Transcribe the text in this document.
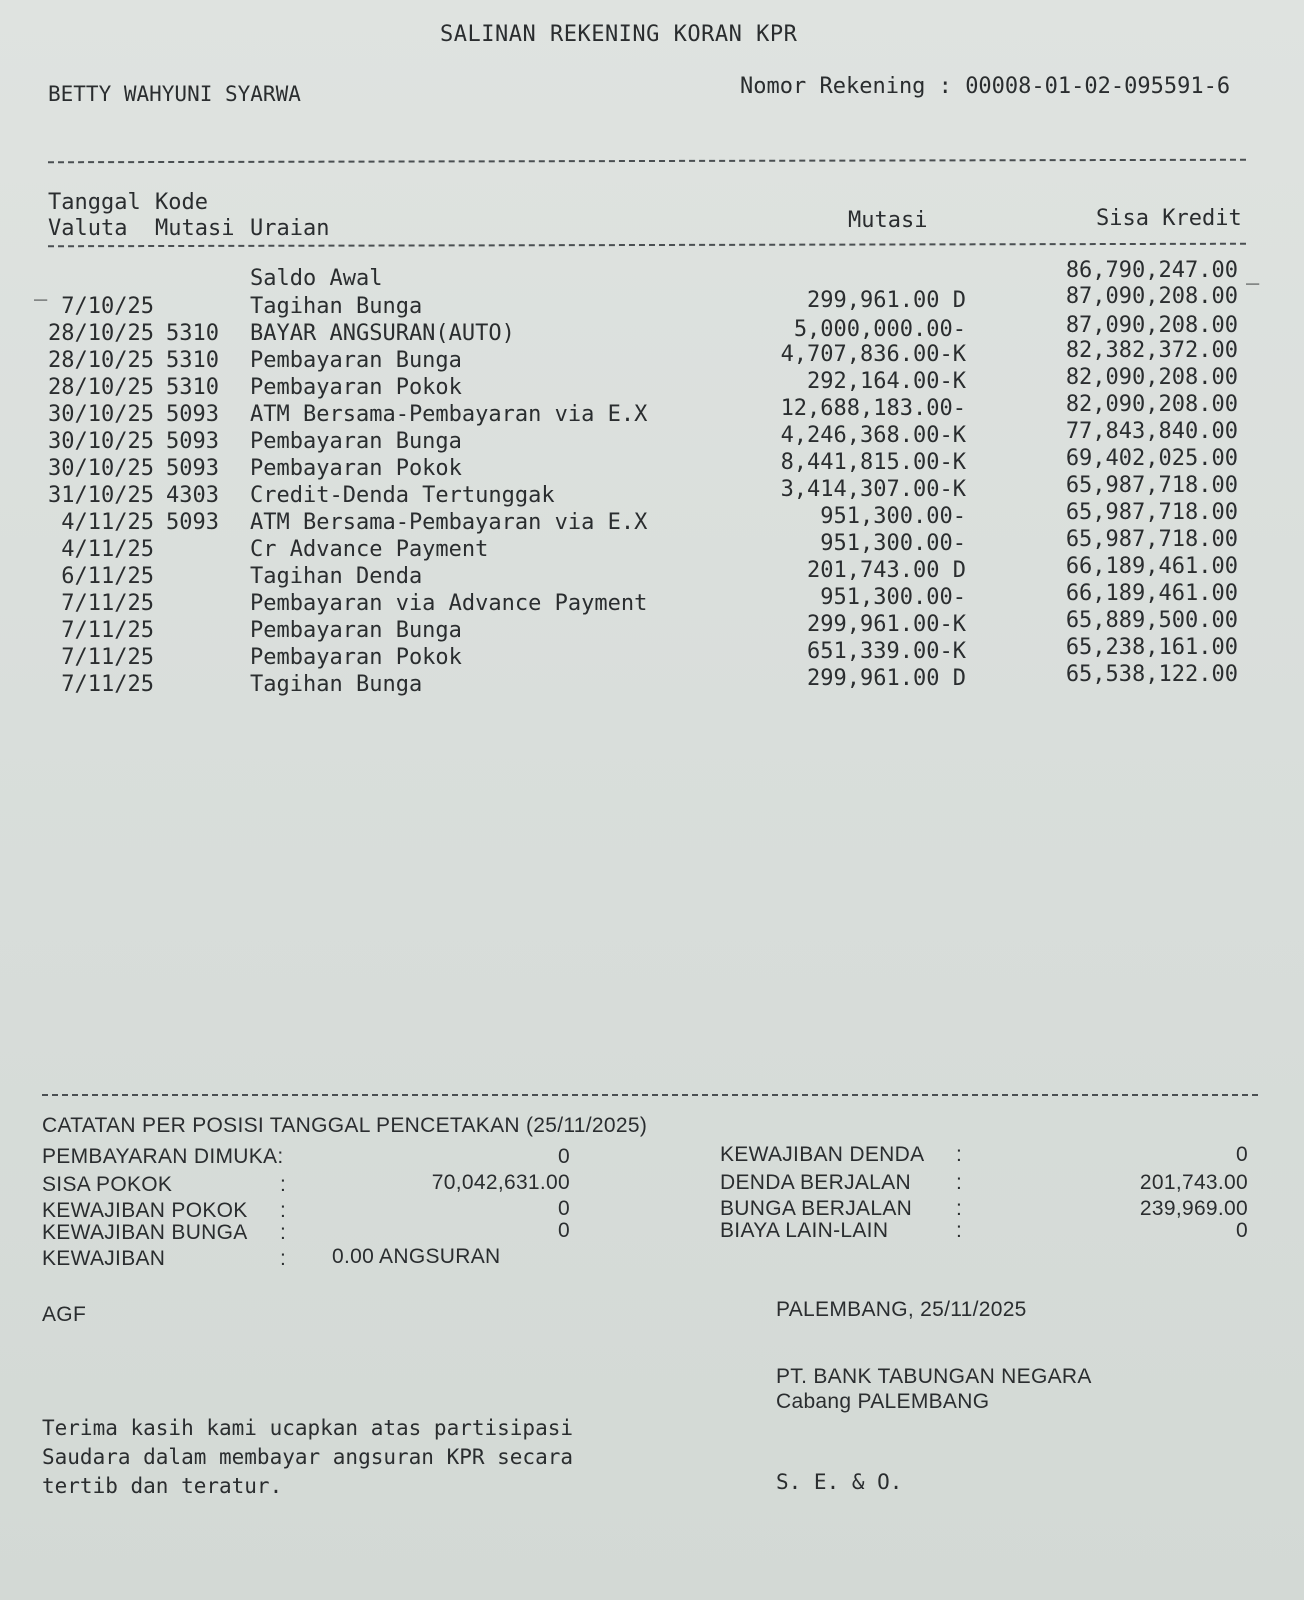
SALINAN REKENING KORAN KPR
BETTY WAHYUNI SYARWA	Nomor Rekening : 00008-01-02-095591-6
Tanggal Kode
Valuta Mutasi Uraian	Mutasi	Sisa Kredit
Saldo Awal	86,790,247.00
_
_
7/10/25	Tagihan Bunga	299,961.00 D	87,090,208.00
28/10/25 5310 BAYAR ANGSURAN(AUTO)	5,000,000.00-	87,090,208.00
28/10/25 5310 Pembayaran Bunga	4,707,836.00-K	82,382,372.00
28/10/25 5310 Pembayaran Pokok	292,164.00-K	82,090,208.00
30/10/25 5093 ATM Bersama-Pembayaran via E.X	12,688,183.00-	82,090,208.00
30/10/25 5093 Pembayaran Bunga	4,246,368.00-K	77,843,840.00
30/10/25 5093 Pembayaran Pokok	8,441,815.00-K	69,402,025.00
31/10/25 4303 Credit-Denda Tertunggak	3,414,307.00-K	65,987,718.00
4/11/25 5093 ATM Bersama-Pembayaran via E.X	951,300.00-	65,987,718.00
4/11/25	Cr Advance Payment	951,300.00-	65,987,718.00
6/11/25	Tagihan Denda	201,743.00 D	66,189,461.00
7/11/25	Pembayaran via Advance Payment	951,300.00-	66,189,461.00
7/11/25	Pembayaran Bunga	299,961.00-K	65,889,500.00
7/11/25	Pembayaran Pokok	651,339.00-K	65,238,161.00
7/11/25	Tagihan Bunga	299,961.00 D	65,538,122.00
CATATAN PER POSISI TANGGAL PENCETAKAN (25/11/2025)
PEMBAYARAN DIMUKA:	0
SISA POKOK	:	70,042,631.00
KEWAJIBAN POKOK :	0
KEWAJIBAN BUNGA :	0
KEWAJIBAN	: 0.00 ANGSURAN
KEWAJIBAN DENDA :	0
DENDA BERJALAN :	201,743.00
BUNGA BERJALAN :	239,969.00
BIAYA LAIN-LAIN	:	0
AGF	PALEMBANG, 25/11/2025
PT. BANK TABUNGAN NEGARA
Cabang PALEMBANG
Terima kasih kami ucapkan atas partisipasi
Saudara dalam membayar angsuran KPR secara
tertib dan teratur.	S. E. & O.
